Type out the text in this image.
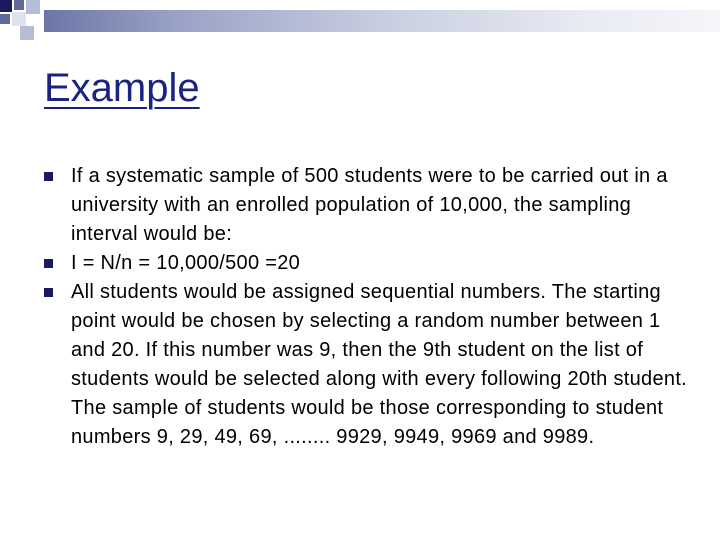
Example
If a systematic sample of 500 students were to be carried out in a university with an enrolled population of 10,000, the sampling interval would be:
I = N/n = 10,000/500 =20
All students would be assigned sequential numbers. The starting point would be chosen by selecting a random number between 1 and 20. If this number was 9, then the 9th student on the list of students would be selected along with every following 20th student. The sample of students would be those corresponding to student numbers 9, 29, 49, 69, ........ 9929, 9949, 9969 and 9989.
